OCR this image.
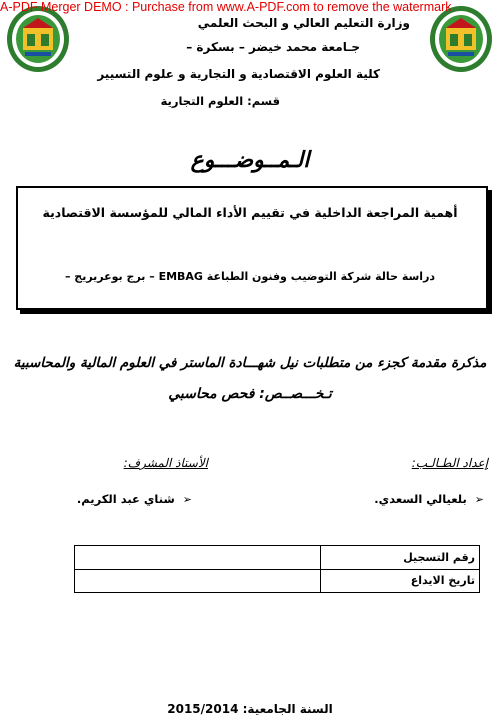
A-PDF Merger DEMO : Purchase from www.A-PDF.com to remove the watermark
وزارة التعليم العالي و البحث العلمي
جـامعة محمد خيضر – بسكرة –
كلية العلوم الاقتصادية و التجارية و علوم التسيير
قسم: العلوم التجارية
الـمــوضـــوع
أهمية المراجعة الداخلية في تقييم الأداء المالي للمؤسسة الاقتصادية
دراسة حالة شركة التوضيب وفنون الطباعة EMBAG – برج بوعريريج –
مذكرة مقدمة كجزء من متطلبات نيل شهـــادة الماستر في العلوم المالية والمحاسبية
تـخـــصــص: فحص محاسبي
إعداد الطـالـب:
الأستاذ المشرف:
➢ بلعيالي السعدي.
➢ شناي عبد الكريم.
	رقم التسجيل
	تاريخ الايداع
السنة الجامعية: 2015/2014
